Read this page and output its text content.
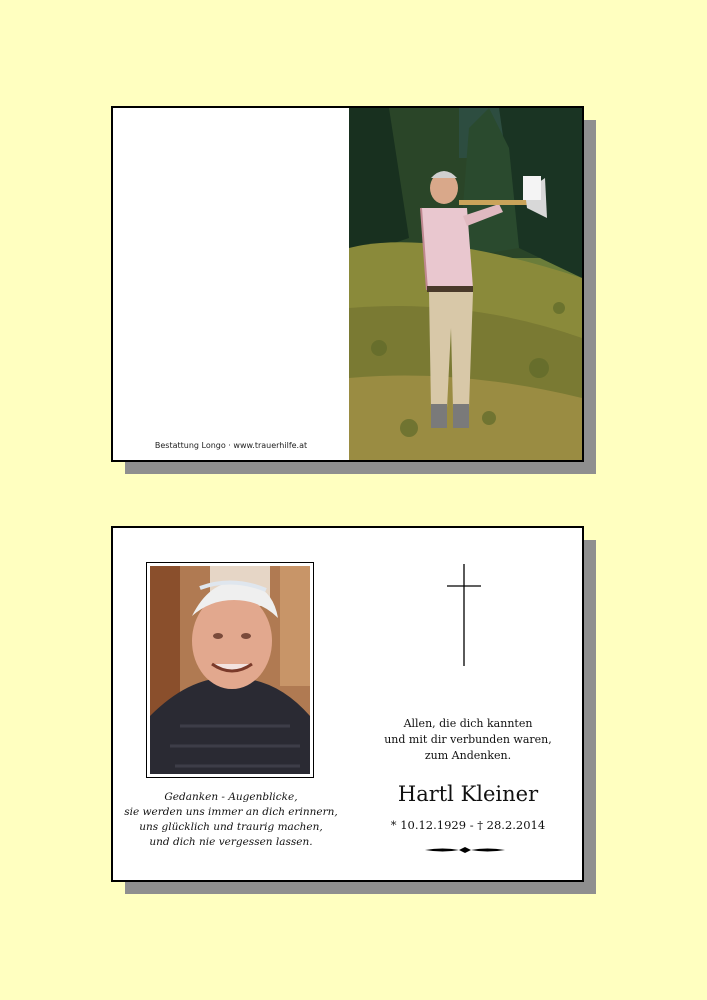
Bestattung Longo · www.trauerhilfe.at
Gedanken - Augenblicke,
sie werden uns immer an dich erinnern,
uns glücklich und traurig machen,
und dich nie vergessen lassen.
Allen, die dich kannten
und mit dir verbunden waren,
zum Andenken.
Hartl Kleiner
* 10.12.1929 - † 28.2.2014
